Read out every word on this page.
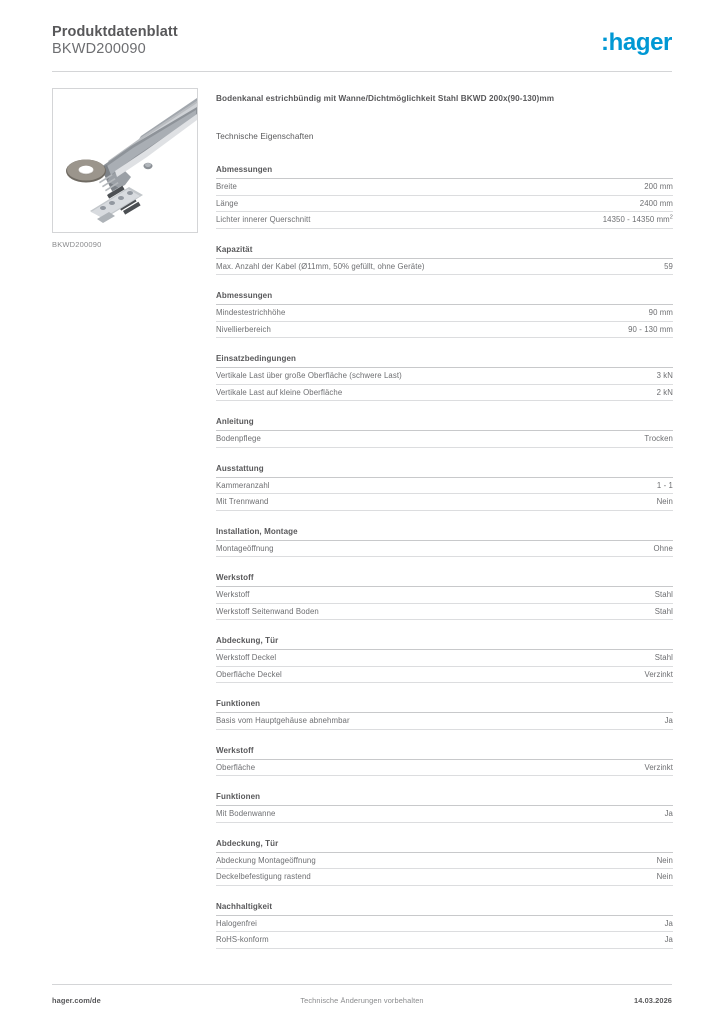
Produktdatenblatt
BKWD200090	:hager
BKWD200090
Bodenkanal estrichbündig mit Wanne/Dichtmöglichkeit Stahl BKWD 200x(90-130)mm
Technische Eigenschaften
Abmessungen
Breite	200 mm
Länge	2400 mm
Lichter innerer Querschnitt	14350 - 14350 $mm^2$
Kapazität
Max. Anzahl der Kabel (Ø11mm, 50% gefüllt, ohne Geräte)	59
Abmessungen
Mindestestrichhöhe	90 mm
Nivellierbereich	90 - 130 mm
Einsatzbedingungen
Vertikale Last über große Oberfläche (schwere Last)	3 kN
Vertikale Last auf kleine Oberfläche	2 kN
Anleitung
Bodenpflege	Trocken
Ausstattung
Kammeranzahl	1 - 1
Mit Trennwand	Nein
Installation, Montage
Montageöffnung	Ohne
Werkstoff
Werkstoff	Stahl
Werkstoff Seitenwand Boden	Stahl
Abdeckung, Tür
Werkstoff Deckel	Stahl
Oberfläche Deckel	Verzinkt
Funktionen
Basis vom Hauptgehäuse abnehmbar	Ja
Werkstoff
Oberfläche	Verzinkt
Funktionen
Mit Bodenwanne	Ja
Abdeckung, Tür
Abdeckung Montageöffnung	Nein
Deckelbefestigung rastend	Nein
Nachhaltigkeit
Halogenfrei	Ja
RoHS-konform	Ja
hager.com/de	Technische Änderungen vorbehalten	14.03.2026
